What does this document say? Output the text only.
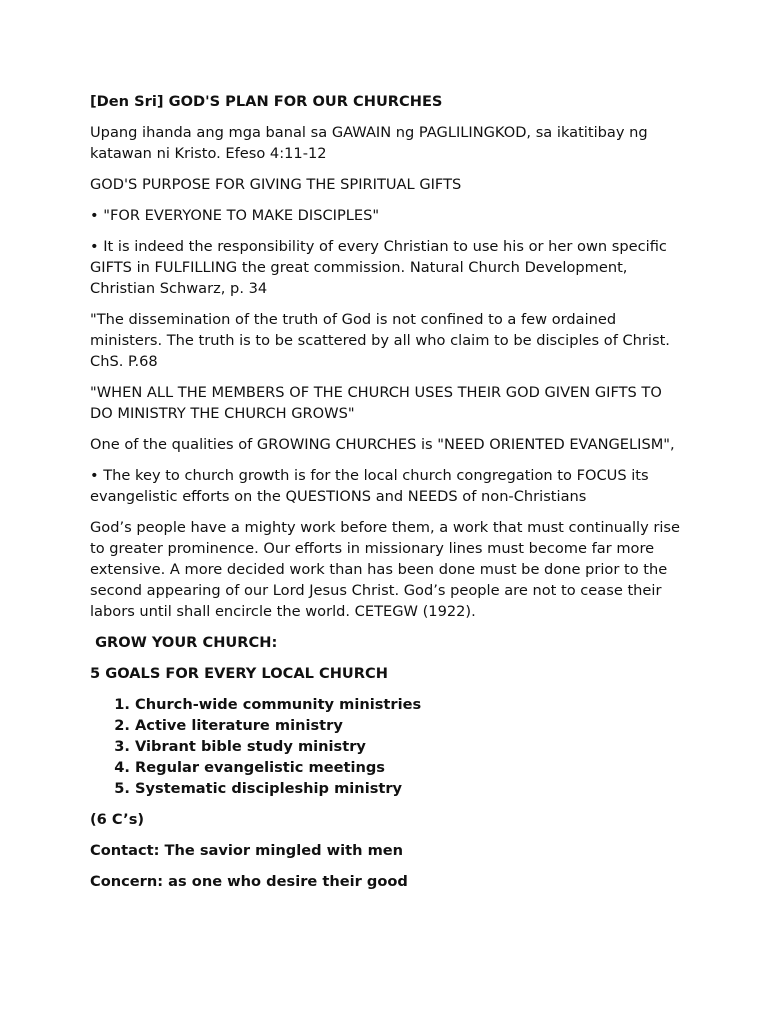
[Den Sri] GOD'S PLAN FOR OUR CHURCHES
Upang ihanda ang mga banal sa GAWAIN ng PAGLILINGKOD, sa ikatitibay ng katawan ni Kristo. Efeso 4:11-12
GOD'S PURPOSE FOR GIVING THE SPIRITUAL GIFTS
• "FOR EVERYONE TO MAKE DISCIPLES"
• It is indeed the responsibility of every Christian to use his or her own specific GIFTS in FULFILLING the great commission. Natural Church Development, Christian Schwarz, p. 34
"The dissemination of the truth of God is not confined to a few ordained ministers. The truth is to be scattered by all who claim to be disciples of Christ. ChS. P.68
"WHEN ALL THE MEMBERS OF THE CHURCH USES THEIR GOD GIVEN GIFTS TO DO MINISTRY THE CHURCH GROWS"
One of the qualities of GROWING CHURCHES is "NEED ORIENTED EVANGELISM",
• The key to church growth is for the local church congregation to FOCUS its evangelistic efforts on the QUESTIONS and NEEDS of non-Christians
God’s people have a mighty work before them, a work that must continually rise to greater prominence. Our efforts in missionary lines must become far more extensive. A more decided work than has been done must be done prior to the second appearing of our Lord Jesus Christ. God’s people are not to cease their labors until shall encircle the world. CETEGW (1922).
GROW YOUR CHURCH:
5 GOALS FOR EVERY LOCAL CHURCH
1. Church-wide community ministries
2. Active literature ministry
3. Vibrant bible study ministry
4. Regular evangelistic meetings
5. Systematic discipleship ministry
(6 C’s)
Contact: The savior mingled with men
Concern: as one who desire their good
